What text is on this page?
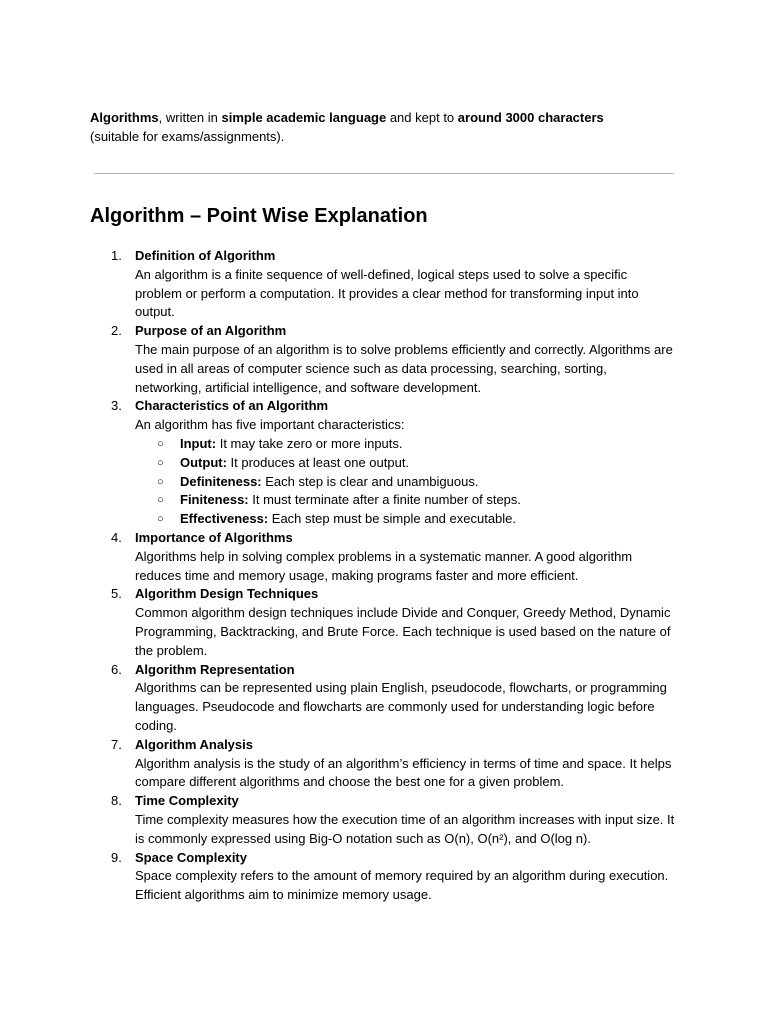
Algorithms, written in simple academic language and kept to around 3000 characters
(suitable for exams/assignments).
Algorithm – Point Wise Explanation
1. Definition of Algorithm
An algorithm is a finite sequence of well-defined, logical steps used to solve a specific problem or perform a computation. It provides a clear method for transforming input into output.
2. Purpose of an Algorithm
The main purpose of an algorithm is to solve problems efficiently and correctly. Algorithms are used in all areas of computer science such as data processing, searching, sorting, networking, artificial intelligence, and software development.
3. Characteristics of an Algorithm
An algorithm has five important characteristics:
○ Input: It may take zero or more inputs.
○ Output: It produces at least one output.
○ Definiteness: Each step is clear and unambiguous.
○ Finiteness: It must terminate after a finite number of steps.
○ Effectiveness: Each step must be simple and executable.
4. Importance of Algorithms
Algorithms help in solving complex problems in a systematic manner. A good algorithm reduces time and memory usage, making programs faster and more efficient.
5. Algorithm Design Techniques
Common algorithm design techniques include Divide and Conquer, Greedy Method, Dynamic Programming, Backtracking, and Brute Force. Each technique is used based on the nature of the problem.
6. Algorithm Representation
Algorithms can be represented using plain English, pseudocode, flowcharts, or programming languages. Pseudocode and flowcharts are commonly used for understanding logic before coding.
7. Algorithm Analysis
Algorithm analysis is the study of an algorithm’s efficiency in terms of time and space. It helps compare different algorithms and choose the best one for a given problem.
8. Time Complexity
Time complexity measures how the execution time of an algorithm increases with input size. It is commonly expressed using Big-O notation such as O(n), O(n²), and O(log n).
9. Space Complexity
Space complexity refers to the amount of memory required by an algorithm during execution. Efficient algorithms aim to minimize memory usage.
